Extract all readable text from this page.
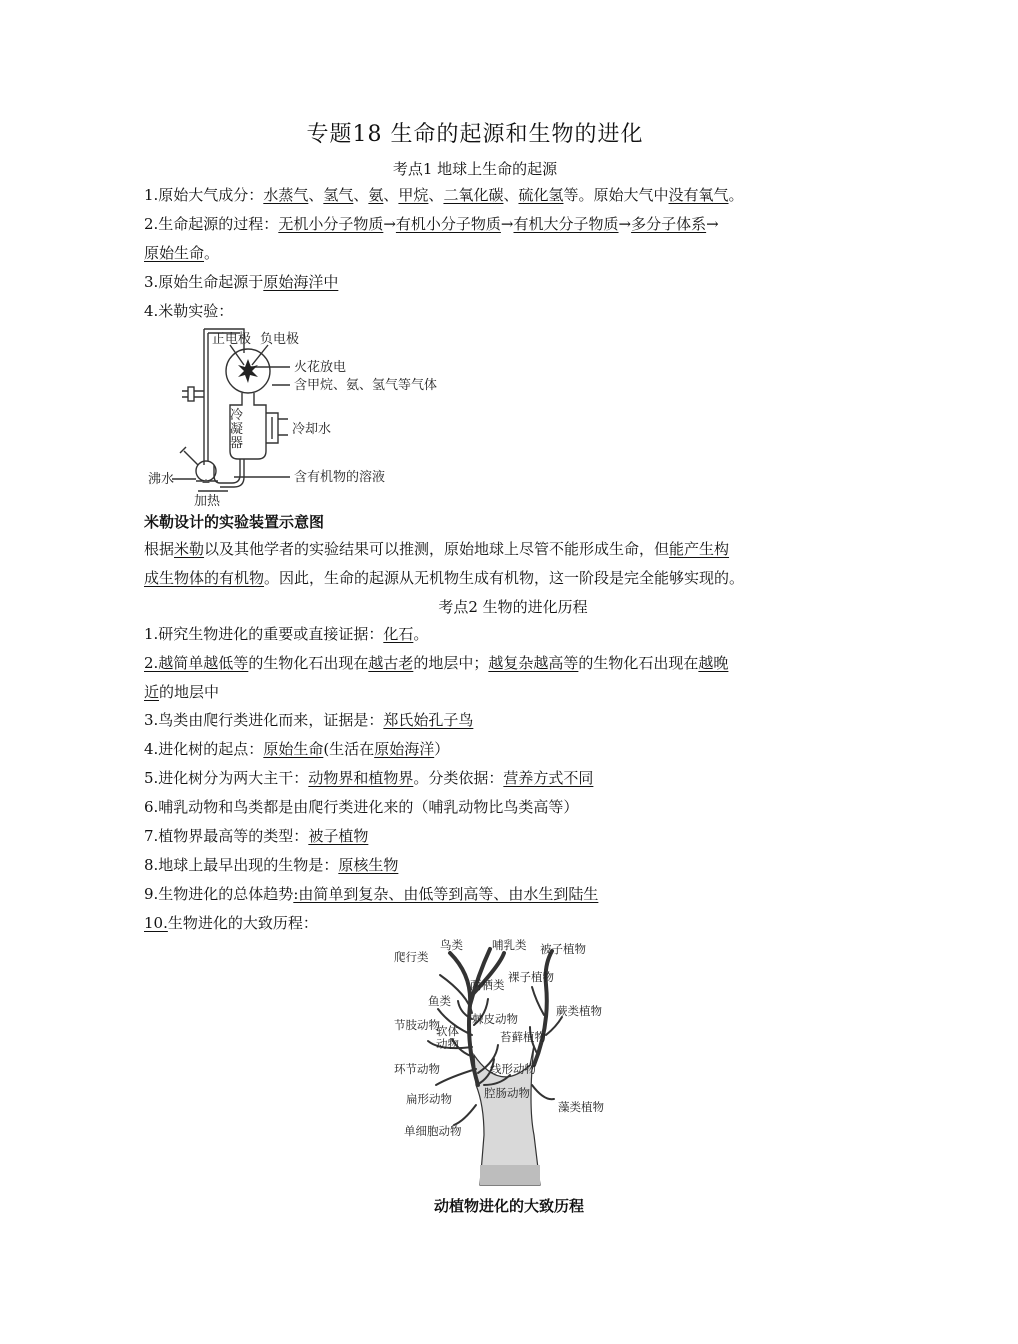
专题18 生命的起源和生物的进化
考点1 地球上生命的起源
1.原始大气成分：水蒸气、氢气、氨、甲烷、二氧化碳、硫化氢等。原始大气中没有氧气。
2.生命起源的过程：无机小分子物质→有机小分子物质→有机大分子物质→多分子体系→
原始生命。
3.原始生命起源于原始海洋中
4.米勒实验：
正电极 负电极
火花放电
含甲烷、氨、氢气等气体
冷
凝
器
冷却水
沸水
加热
含有机物的溶液
米勒设计的实验装置示意图
根据米勒以及其他学者的实验结果可以推测，原始地球上尽管不能形成生命，但能产生构
成生物体的有机物。因此，生命的起源从无机物生成有机物，这一阶段是完全能够实现的。
考点2 生物的进化历程
1.研究生物进化的重要或直接证据：化石。
2.越简单越低等的生物化石出现在越古老的地层中；越复杂越高等的生物化石出现在越晚
近的地层中
3.鸟类由爬行类进化而来，证据是：郑氏始孔子鸟
4.进化树的起点：原始生命(生活在原始海洋）
5.进化树分为两大主干：动物界和植物界。分类依据：营养方式不同
6.哺乳动物和鸟类都是由爬行类进化来的（哺乳动物比鸟类高等）
7.植物界最高等的类型：被子植物
8.地球上最早出现的生物是：原核生物
9.生物进化的总体趋势:由简单到复杂、由低等到高等、由水生到陆生
10.生物进化的大致历程：
爬行类
鸟类	哺乳类 被子植物
两栖类
裸子植物
鱼类
蕨类植物
节肢动物
软体
动物
棘皮动物
苔藓植物
环节动物	线形动物
扁形动物	腔肠动物
藻类植物
单细胞动物
动植物进化的大致历程
